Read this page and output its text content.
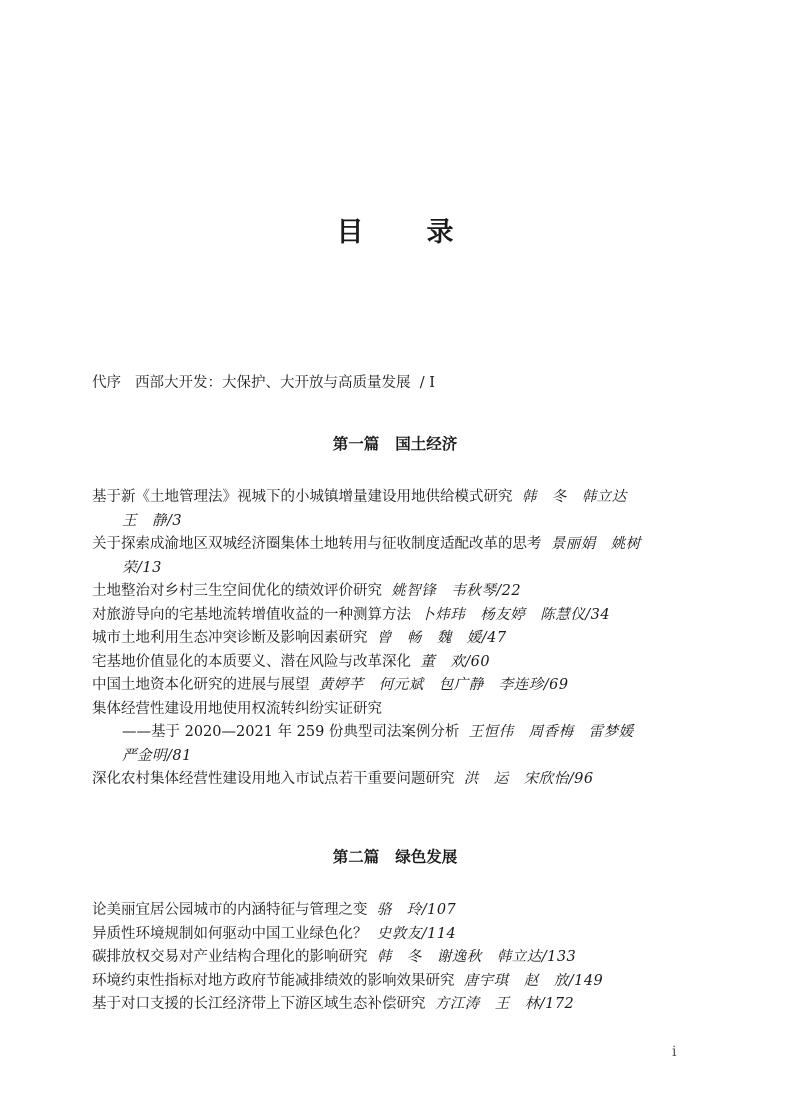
目　录
代序 西部大开发：大保护、大开放与高质量发展 / I
第一篇 国土经济
基于新《土地管理法》视城下的小城镇增量建设用地供给模式研究 韩　冬　韩立达
王　静/3
关于探索成渝地区双城经济圈集体土地转用与征收制度适配改革的思考 景丽娟　姚树
荣/13
土地整治对乡村三生空间优化的绩效评价研究 姚智锋　韦秋琴/22
对旅游导向的宅基地流转增值收益的一种测算方法 卜炜玮　杨友婷　陈慧仪/34
城市土地利用生态冲突诊断及影响因素研究 曾　畅　魏　媛/47
宅基地价值显化的本质要义、潜在风险与改革深化 董　欢/60
中国土地资本化研究的进展与展望 黄婷芊　何元斌　包广静　李连珍/69
集体经营性建设用地使用权流转纠纷实证研究
——基于 2020—2021 年 259 份典型司法案例分析 王恒伟　周香梅　雷梦媛
严金明/81
深化农村集体经营性建设用地入市试点若干重要问题研究 洪　运　宋欣怡/96
第二篇 绿色发展
论美丽宜居公园城市的内涵特征与管理之变 骆　玲/107
异质性环境规制如何驱动中国工业绿色化？ 史敦友/114
碳排放权交易对产业结构合理化的影响研究 韩　冬　谢逸秋　韩立达/133
环境约束性指标对地方政府节能减排绩效的影响效果研究 唐宇琪　赵　放/149
基于对口支援的长江经济带上下游区域生态补偿研究 方江涛　王　林/172
i
